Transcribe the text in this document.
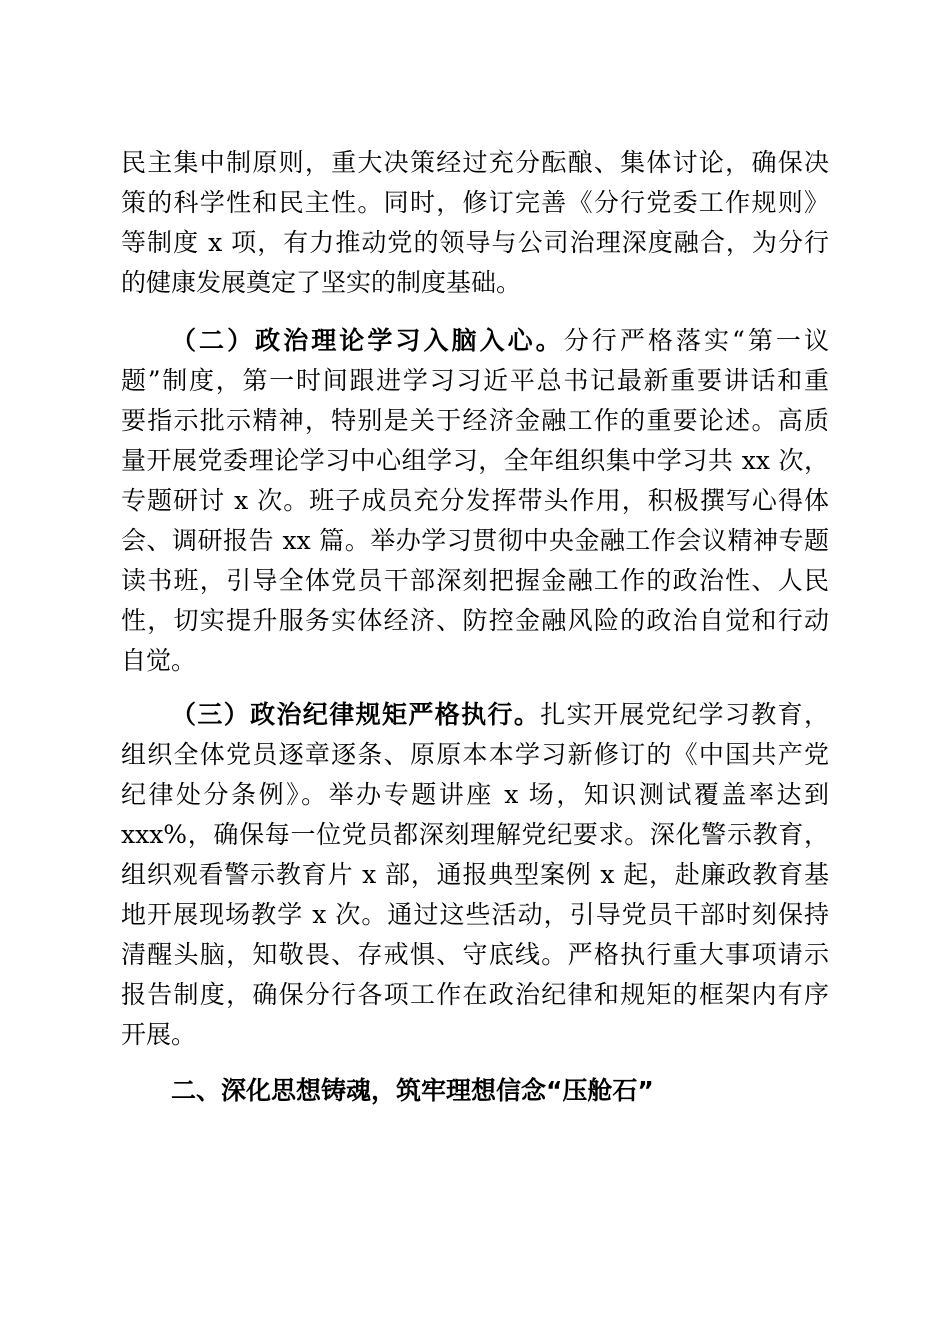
民主集中制原则，重大决策经过充分酝酿、集体讨论，确保决
策的科学性和民主性。同时，修订完善《分行党委工作规则》
等制度 x 项，有力推动党的领导与公司治理深度融合，为分行
的健康发展奠定了坚实的制度基础。

（二）政治理论学习入脑入心。分行严格落实“第一议
题”制度，第一时间跟进学习习近平总书记最新重要讲话和重
要指示批示精神，特别是关于经济金融工作的重要论述。高质
量开展党委理论学习中心组学习，全年组织集中学习共 xx 次，
专题研讨 x 次。班子成员充分发挥带头作用，积极撰写心得体
会、调研报告 xx 篇。举办学习贯彻中央金融工作会议精神专题
读书班，引导全体党员干部深刻把握金融工作的政治性、人民
性，切实提升服务实体经济、防控金融风险的政治自觉和行动
自觉。

（三）政治纪律规矩严格执行。扎实开展党纪学习教育，
组织全体党员逐章逐条、原原本本学习新修订的《中国共产党
纪律处分条例》。举办专题讲座 x 场，知识测试覆盖率达到
xxx%，确保每一位党员都深刻理解党纪要求。深化警示教育，
组织观看警示教育片 x 部，通报典型案例 x 起，赴廉政教育基
地开展现场教学 x 次。通过这些活动，引导党员干部时刻保持
清醒头脑，知敬畏、存戒惧、守底线。严格执行重大事项请示
报告制度，确保分行各项工作在政治纪律和规矩的框架内有序
开展。

二、深化思想铸魂，筑牢理想信念“压舱石”
